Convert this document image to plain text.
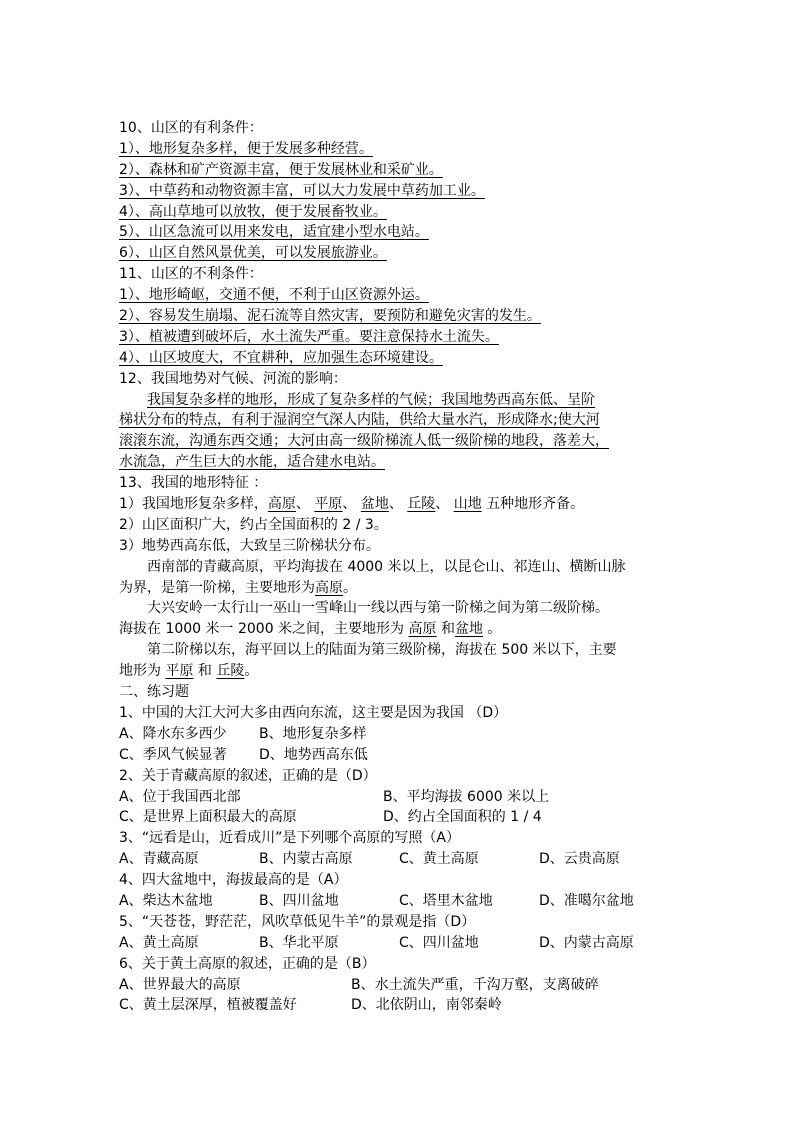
10、山区的有利条件：
1）、地形复杂多样，便于发展多种经营。
2）、森林和矿产资源丰富，便于发展林业和采矿业。
3）、中草药和动物资源丰富，可以大力发展中草药加工业。
4）、高山草地可以放牧，便于发展畜牧业。
5）、山区急流可以用来发电，适宜建小型水电站。
6）、山区自然风景优美，可以发展旅游业。
11、山区的不利条件：
1）、地形崎岖，交通不便，不利于山区资源外运。
2）、容易发生崩塌、泥石流等自然灾害，要预防和避免灾害的发生。
3）、植被遭到破坏后，水土流失严重。要注意保持水土流失。
4）、山区坡度大，不宜耕种，应加强生态环境建设。
12、我国地势对气候、河流的影响：
我国复杂多样的地形，形成了复杂多样的气候；我国地势西高东低、呈阶
梯状分布的特点，有利于湿润空气深人内陆，供给大量水汽，形成降水;使大河
滚滚东流，沟通东西交通；大河由高一级阶梯流人低一级阶梯的地段，落差大，
水流急，产生巨大的水能，适合建水电站。
13、我国的地形特征 ：
1）我国地形复杂多样，高原、 平原、 盆地、 丘陵、 山地 五种地形齐备。
2）山区面积广大，约占全国面积的 2 / 3。
3）地势西高东低，大致呈三阶梯状分布。
西南部的青藏高原，平均海拔在 4000 米以上，以昆仑山、祁连山、横断山脉
为界，是第一阶梯，主要地形为高原。
大兴安岭一太行山一巫山一雪峰山一线以西与第一阶梯之间为第二级阶梯。
海拔在 1000 米一 2000 米之间，主要地形为 高原 和盆地 。
第二阶梯以东，海平回以上的陆面为第三级阶梯，海拔在 500 米以下，主要
地形为 平原 和 丘陵。
二、练习题
1、中国的大江大河大多由西向东流，这主要是因为我国 （D）
A、降水东多西少 B、地形复杂多样
C、季风气候显著 D、地势西高东低
2、关于青藏高原的叙述，正确的是（D）
A、位于我国西北部	B、平均海拔 6000 米以上
C、是世界上面积最大的高原	D、约占全国面积的 1 / 4
3、“远看是山，近看成川”是下列哪个高原的写照（A）
A、青藏高原	B、内蒙古高原	C、黄土高原	D、云贵高原
4、四大盆地中，海拔最高的是（A）
A、柴达木盆地	B、四川盆地	C、塔里木盆地	D、准噶尔盆地
5、“天苍苍，野茫茫，风吹草低见牛羊”的景观是指（D）
A、黄土高原	B、华北平原	C、四川盆地	D、内蒙古高原
6、关于黄土高原的叙述，正确的是（B）
A、世界最大的高原	B、水土流失严重，千沟万壑，支离破碎
C、黄土层深厚，植被覆盖好	D、北依阴山，南邻秦岭
